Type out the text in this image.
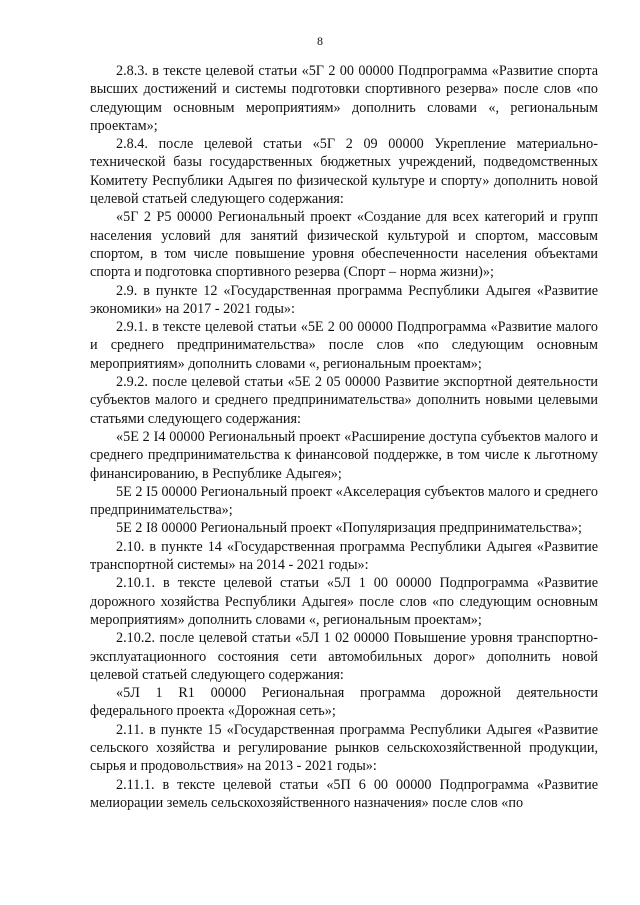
8

2.8.3. в тексте целевой статьи «5Г 2 00 00000 Подпрограмма «Развитие спорта высших достижений и системы подготовки спортивного резерва» после слов «по следующим основным мероприятиям» дополнить словами «, региональным проектам»;

2.8.4. после целевой статьи «5Г 2 09 00000 Укрепление материально-технической базы государственных бюджетных учреждений, подведомственных Комитету Республики Адыгея по физической культуре и спорту» дополнить новой целевой статьей следующего содержания:

«5Г 2 Р5 00000 Региональный проект «Создание для всех категорий и групп населения условий для занятий физической культурой и спортом, массовым спортом, в том числе повышение уровня обеспеченности населения объектами спорта и подготовка спортивного резерва (Спорт – норма жизни)»;

2.9. в пункте 12 «Государственная программа Республики Адыгея «Развитие экономики» на 2017 - 2021 годы»:

2.9.1. в тексте целевой статьи «5Е 2 00 00000 Подпрограмма «Развитие малого и среднего предпринимательства» после слов «по следующим основным мероприятиям» дополнить словами «, региональным проектам»;

2.9.2. после целевой статьи «5Е 2 05 00000 Развитие экспортной деятельности субъектов малого и среднего предпринимательства» дополнить новыми целевыми статьями следующего содержания:

«5Е 2 I4 00000 Региональный проект «Расширение доступа субъектов малого и среднего предпринимательства к финансовой поддержке, в том числе к льготному финансированию, в Республике Адыгея»;

5Е 2 I5 00000 Региональный проект «Акселерация субъектов малого и среднего предпринимательства»;

5Е 2 I8 00000 Региональный проект «Популяризация предпринимательства»;

2.10. в пункте 14 «Государственная программа Республики Адыгея «Развитие транспортной системы» на 2014 - 2021 годы»:

2.10.1. в тексте целевой статьи «5Л 1 00 00000 Подпрограмма «Развитие дорожного хозяйства Республики Адыгея» после слов «по следующим основным мероприятиям» дополнить словами «, региональным проектам»;

2.10.2. после целевой статьи «5Л 1 02 00000 Повышение уровня транспортно-эксплуатационного состояния сети автомобильных дорог» дополнить новой целевой статьей следующего содержания:

«5Л 1 R1 00000 Региональная программа дорожной деятельности федерального проекта «Дорожная сеть»;

2.11. в пункте 15 «Государственная программа Республики Адыгея «Развитие сельского хозяйства и регулирование рынков сельскохозяйственной продукции, сырья и продовольствия» на 2013 - 2021 годы»:

2.11.1. в тексте целевой статьи «5П 6 00 00000 Подпрограмма «Развитие мелиорации земель сельскохозяйственного назначения» после слов «по
